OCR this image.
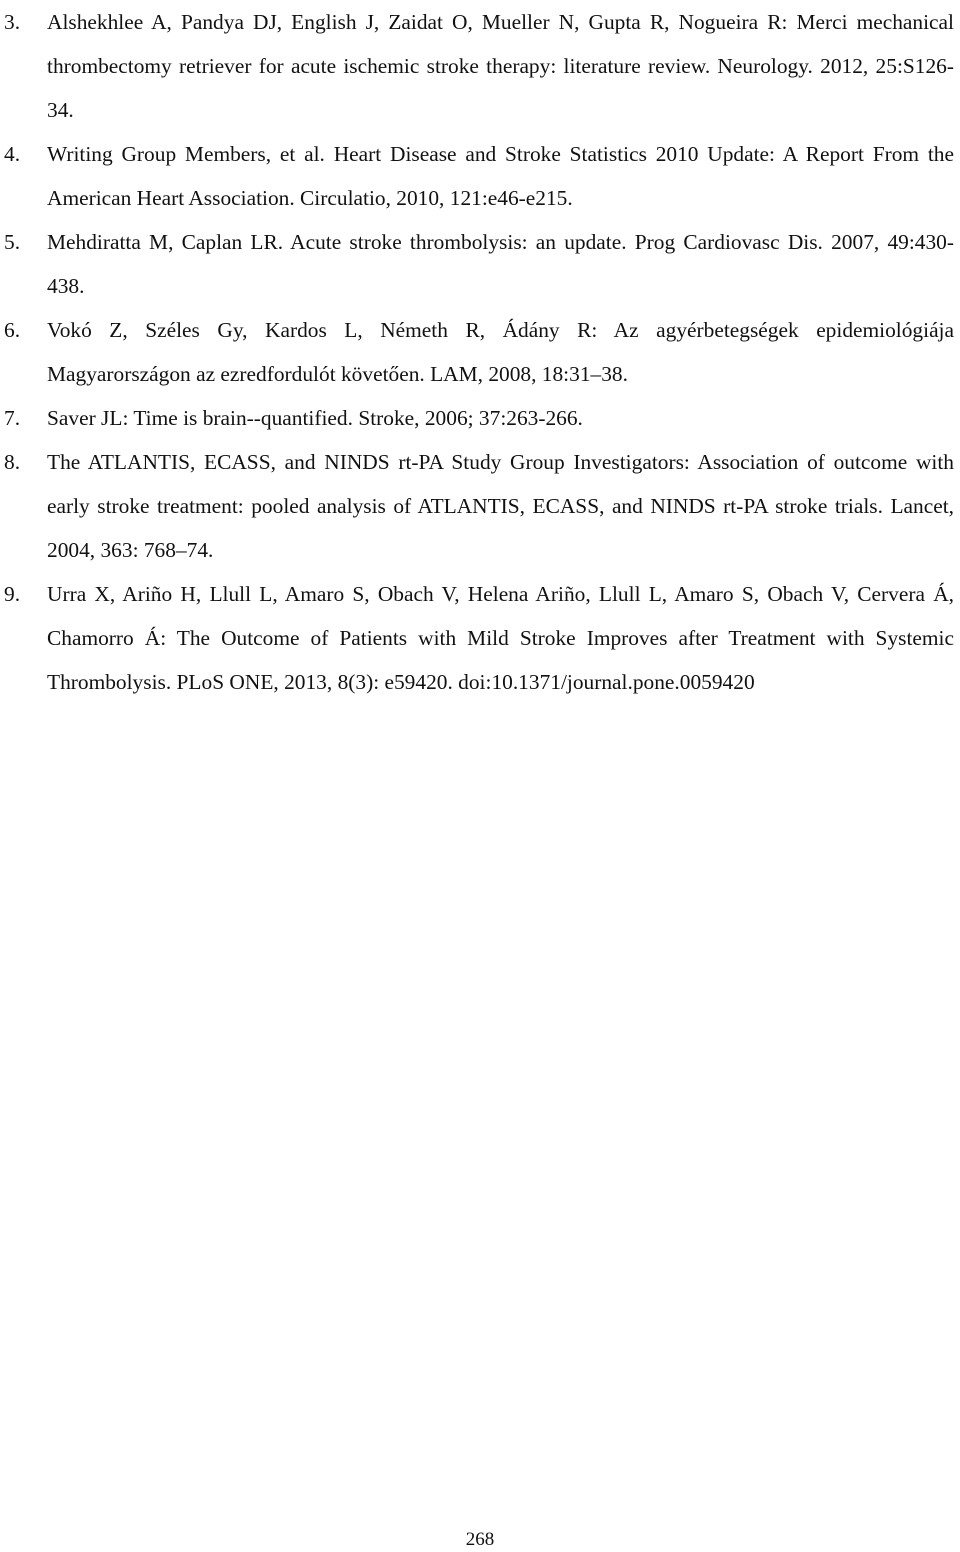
3. Alshekhlee A, Pandya DJ, English J, Zaidat O, Mueller N, Gupta R, Nogueira R: Merci mechanical thrombectomy retriever for acute ischemic stroke therapy: literature review. Neurology. 2012, 25:S126-34.
4. Writing Group Members, et al. Heart Disease and Stroke Statistics 2010 Update: A Report From the American Heart Association. Circulatio, 2010, 121:e46-e215.
5. Mehdiratta M, Caplan LR. Acute stroke thrombolysis: an update. Prog Cardiovasc Dis. 2007, 49:430-438.
6. Vokó Z, Széles Gy, Kardos L, Németh R, Ádány R: Az agyérbetegségek epidemiológiája Magyarországon az ezredfordulót követően. LAM, 2008, 18:31–38.
7. Saver JL: Time is brain--quantified. Stroke, 2006; 37:263-266.
8. The ATLANTIS, ECASS, and NINDS rt-PA Study Group Investigators: Association of outcome with early stroke treatment: pooled analysis of ATLANTIS, ECASS, and NINDS rt-PA stroke trials. Lancet, 2004, 363: 768–74.
9. Urra X, Ariño H, Llull L, Amaro S, Obach V, Helena Ariño, Llull L, Amaro S, Obach V, Cervera Á, Chamorro Á: The Outcome of Patients with Mild Stroke Improves after Treatment with Systemic Thrombolysis. PLoS ONE, 2013, 8(3): e59420. doi:10.1371/journal.pone.0059420
268
